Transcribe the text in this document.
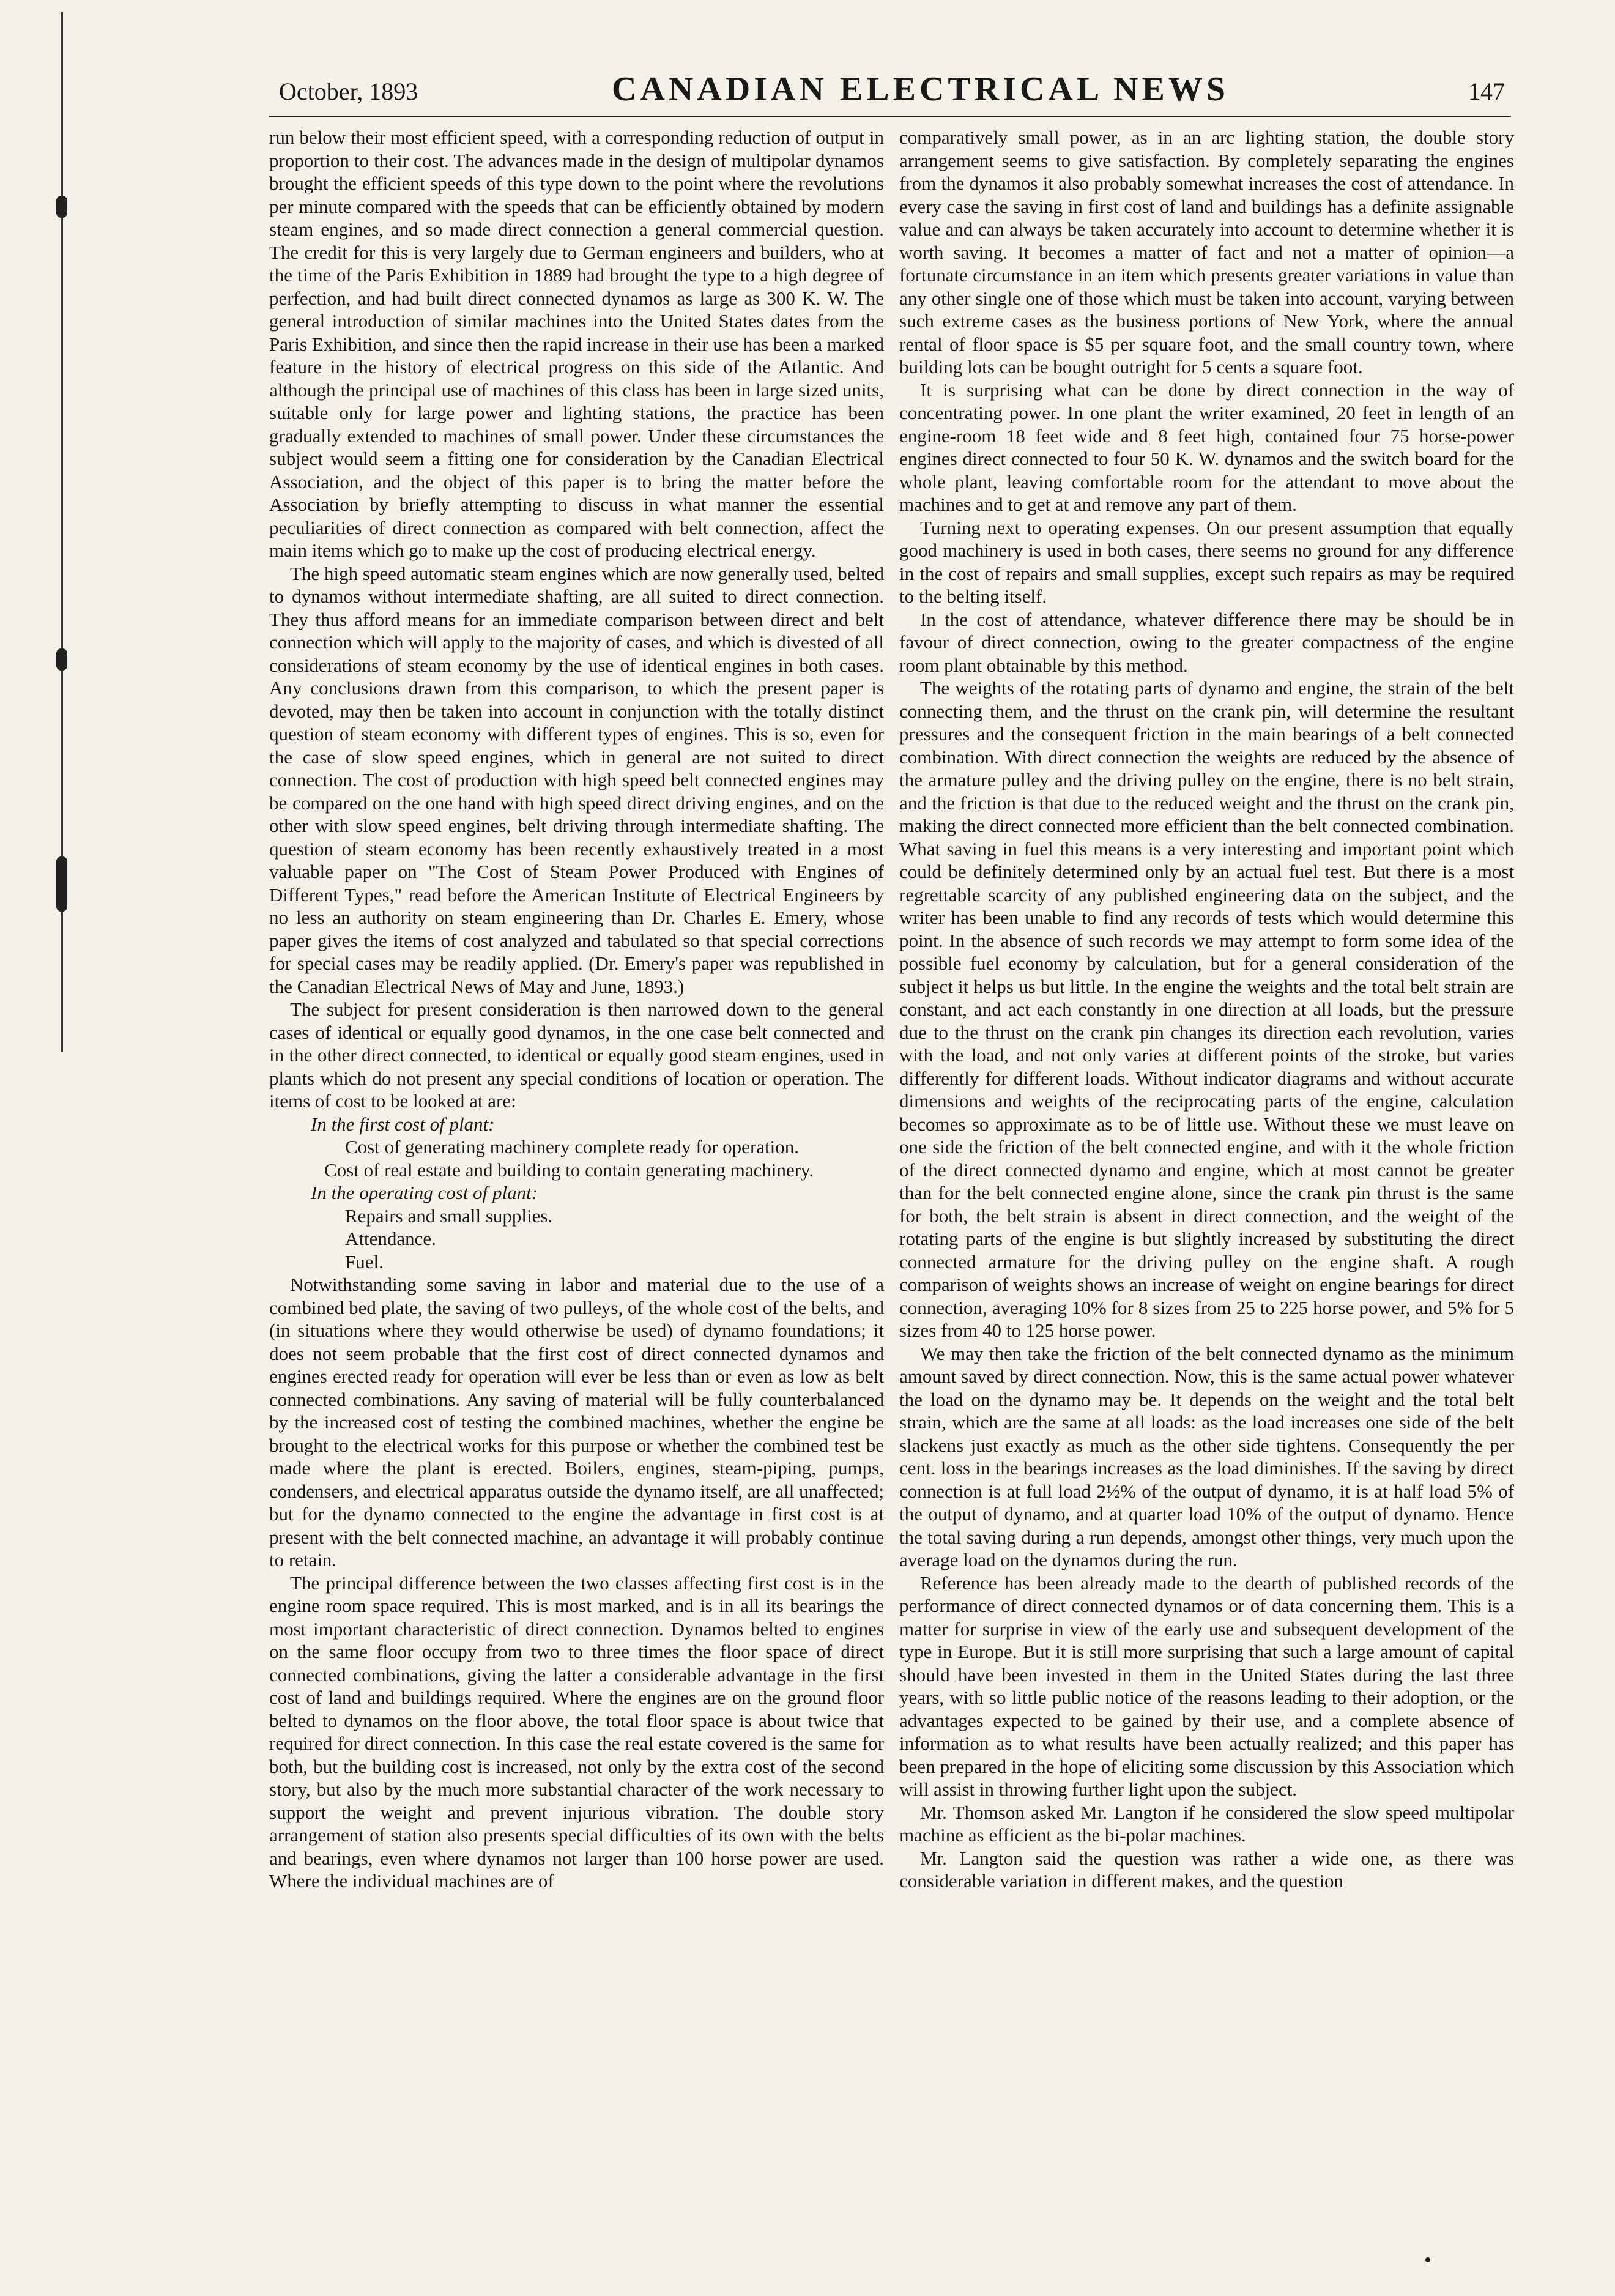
October, 1893	CANADIAN ELECTRICAL NEWS	147

run below their most efficient speed, with a corresponding reduction of output in proportion to their cost. The advances made in the design of multipolar dynamos brought the efficient speeds of this type down to the point where the revolutions per minute compared with the speeds that can be efficiently obtained by modern steam engines, and so made direct connection a general commercial question. The credit for this is very largely due to German engineers and builders, who at the time of the Paris Exhibition in 1889 had brought the type to a high degree of perfection, and had built direct connected dynamos as large as 300 K. W. The general introduction of similar machines into the United States dates from the Paris Exhibition, and since then the rapid increase in their use has been a marked feature in the history of electrical progress on this side of the Atlantic. And although the principal use of machines of this class has been in large sized units, suitable only for large power and lighting stations, the practice has been gradually extended to machines of small power. Under these circumstances the subject would seem a fitting one for consideration by the Canadian Electrical Association, and the object of this paper is to bring the matter before the Association by briefly attempting to discuss in what manner the essential peculiarities of direct connection as compared with belt connection, affect the main items which go to make up the cost of producing electrical energy.

The high speed automatic steam engines which are now generally used, belted to dynamos without intermediate shafting, are all suited to direct connection. They thus afford means for an immediate comparison between direct and belt connection which will apply to the majority of cases, and which is divested of all considerations of steam economy by the use of identical engines in both cases. Any conclusions drawn from this comparison, to which the present paper is devoted, may then be taken into account in conjunction with the totally distinct question of steam economy with different types of engines. This is so, even for the case of slow speed engines, which in general are not suited to direct connection. The cost of production with high speed belt connected engines may be compared on the one hand with high speed direct driving engines, and on the other with slow speed engines, belt driving through intermediate shafting. The question of steam economy has been recently exhaustively treated in a most valuable paper on "The Cost of Steam Power Produced with Engines of Different Types," read before the American Institute of Electrical Engineers by no less an authority on steam engineering than Dr. Charles E. Emery, whose paper gives the items of cost analyzed and tabulated so that special corrections for special cases may be readily applied. (Dr. Emery's paper was republished in the Canadian Electrical News of May and June, 1893.)

The subject for present consideration is then narrowed down to the general cases of identical or equally good dynamos, in the one case belt connected and in the other direct connected, to identical or equally good steam engines, used in plants which do not present any special conditions of location or operation. The items of cost to be looked at are:

In the first cost of plant:

Cost of generating machinery complete ready for operation.

Cost of real estate and building to contain generating machinery.

In the operating cost of plant:

Repairs and small supplies.

Attendance.

Fuel.

Notwithstanding some saving in labor and material due to the use of a combined bed plate, the saving of two pulleys, of the whole cost of the belts, and (in situations where they would otherwise be used) of dynamo foundations; it does not seem probable that the first cost of direct connected dynamos and engines erected ready for operation will ever be less than or even as low as belt connected combinations. Any saving of material will be fully counterbalanced by the increased cost of testing the combined machines, whether the engine be brought to the electrical works for this purpose or whether the combined test be made where the plant is erected. Boilers, engines, steam-piping, pumps, condensers, and electrical apparatus outside the dynamo itself, are all unaffected; but for the dynamo connected to the engine the advantage in first cost is at present with the belt connected machine, an advantage it will probably continue to retain.

The principal difference between the two classes affecting first cost is in the engine room space required. This is most marked, and is in all its bearings the most important characteristic of direct connection. Dynamos belted to engines on the same floor occupy from two to three times the floor space of direct connected combinations, giving the latter a considerable advantage in the first cost of land and buildings required. Where the engines are on the ground floor belted to dynamos on the floor above, the total floor space is about twice that required for direct connection. In this case the real estate covered is the same for both, but the building cost is increased, not only by the extra cost of the second story, but also by the much more substantial character of the work necessary to support the weight and prevent injurious vibration. The double story arrangement of station also presents special difficulties of its own with the belts and bearings, even where dynamos not larger than 100 horse power are used. Where the individual machines are of

comparatively small power, as in an arc lighting station, the double story arrangement seems to give satisfaction. By completely separating the engines from the dynamos it also probably somewhat increases the cost of attendance. In every case the saving in first cost of land and buildings has a definite assignable value and can always be taken accurately into account to determine whether it is worth saving. It becomes a matter of fact and not a matter of opinion—a fortunate circumstance in an item which presents greater variations in value than any other single one of those which must be taken into account, varying between such extreme cases as the business portions of New York, where the annual rental of floor space is $5 per square foot, and the small country town, where building lots can be bought outright for 5 cents a square foot.

It is surprising what can be done by direct connection in the way of concentrating power. In one plant the writer examined, 20 feet in length of an engine-room 18 feet wide and 8 feet high, contained four 75 horse-power engines direct connected to four 50 K. W. dynamos and the switch board for the whole plant, leaving comfortable room for the attendant to move about the machines and to get at and remove any part of them.

Turning next to operating expenses. On our present assumption that equally good machinery is used in both cases, there seems no ground for any difference in the cost of repairs and small supplies, except such repairs as may be required to the belting itself.

In the cost of attendance, whatever difference there may be should be in favour of direct connection, owing to the greater compactness of the engine room plant obtainable by this method.

The weights of the rotating parts of dynamo and engine, the strain of the belt connecting them, and the thrust on the crank pin, will determine the resultant pressures and the consequent friction in the main bearings of a belt connected combination. With direct connection the weights are reduced by the absence of the armature pulley and the driving pulley on the engine, there is no belt strain, and the friction is that due to the reduced weight and the thrust on the crank pin, making the direct connected more efficient than the belt connected combination. What saving in fuel this means is a very interesting and important point which could be definitely determined only by an actual fuel test. But there is a most regrettable scarcity of any published engineering data on the subject, and the writer has been unable to find any records of tests which would determine this point. In the absence of such records we may attempt to form some idea of the possible fuel economy by calculation, but for a general consideration of the subject it helps us but little. In the engine the weights and the total belt strain are constant, and act each constantly in one direction at all loads, but the pressure due to the thrust on the crank pin changes its direction each revolution, varies with the load, and not only varies at different points of the stroke, but varies differently for different loads. Without indicator diagrams and without accurate dimensions and weights of the reciprocating parts of the engine, calculation becomes so approximate as to be of little use. Without these we must leave on one side the friction of the belt connected engine, and with it the whole friction of the direct connected dynamo and engine, which at most cannot be greater than for the belt connected engine alone, since the crank pin thrust is the same for both, the belt strain is absent in direct connection, and the weight of the rotating parts of the engine is but slightly increased by substituting the direct connected armature for the driving pulley on the engine shaft. A rough comparison of weights shows an increase of weight on engine bearings for direct connection, averaging 10% for 8 sizes from 25 to 225 horse power, and 5% for 5 sizes from 40 to 125 horse power.

We may then take the friction of the belt connected dynamo as the minimum amount saved by direct connection. Now, this is the same actual power whatever the load on the dynamo may be. It depends on the weight and the total belt strain, which are the same at all loads: as the load increases one side of the belt slackens just exactly as much as the other side tightens. Consequently the per cent. loss in the bearings increases as the load diminishes. If the saving by direct connection is at full load 2½% of the output of dynamo, it is at half load 5% of the output of dynamo, and at quarter load 10% of the output of dynamo. Hence the total saving during a run depends, amongst other things, very much upon the average load on the dynamos during the run.

Reference has been already made to the dearth of published records of the performance of direct connected dynamos or of data concerning them. This is a matter for surprise in view of the early use and subsequent development of the type in Europe. But it is still more surprising that such a large amount of capital should have been invested in them in the United States during the last three years, with so little public notice of the reasons leading to their adoption, or the advantages expected to be gained by their use, and a complete absence of information as to what results have been actually realized; and this paper has been prepared in the hope of eliciting some discussion by this Association which will assist in throwing further light upon the subject.

Mr. Thomson asked Mr. Langton if he considered the slow speed multipolar machine as efficient as the bi-polar machines.

Mr. Langton said the question was rather a wide one, as there was considerable variation in different makes, and the question
